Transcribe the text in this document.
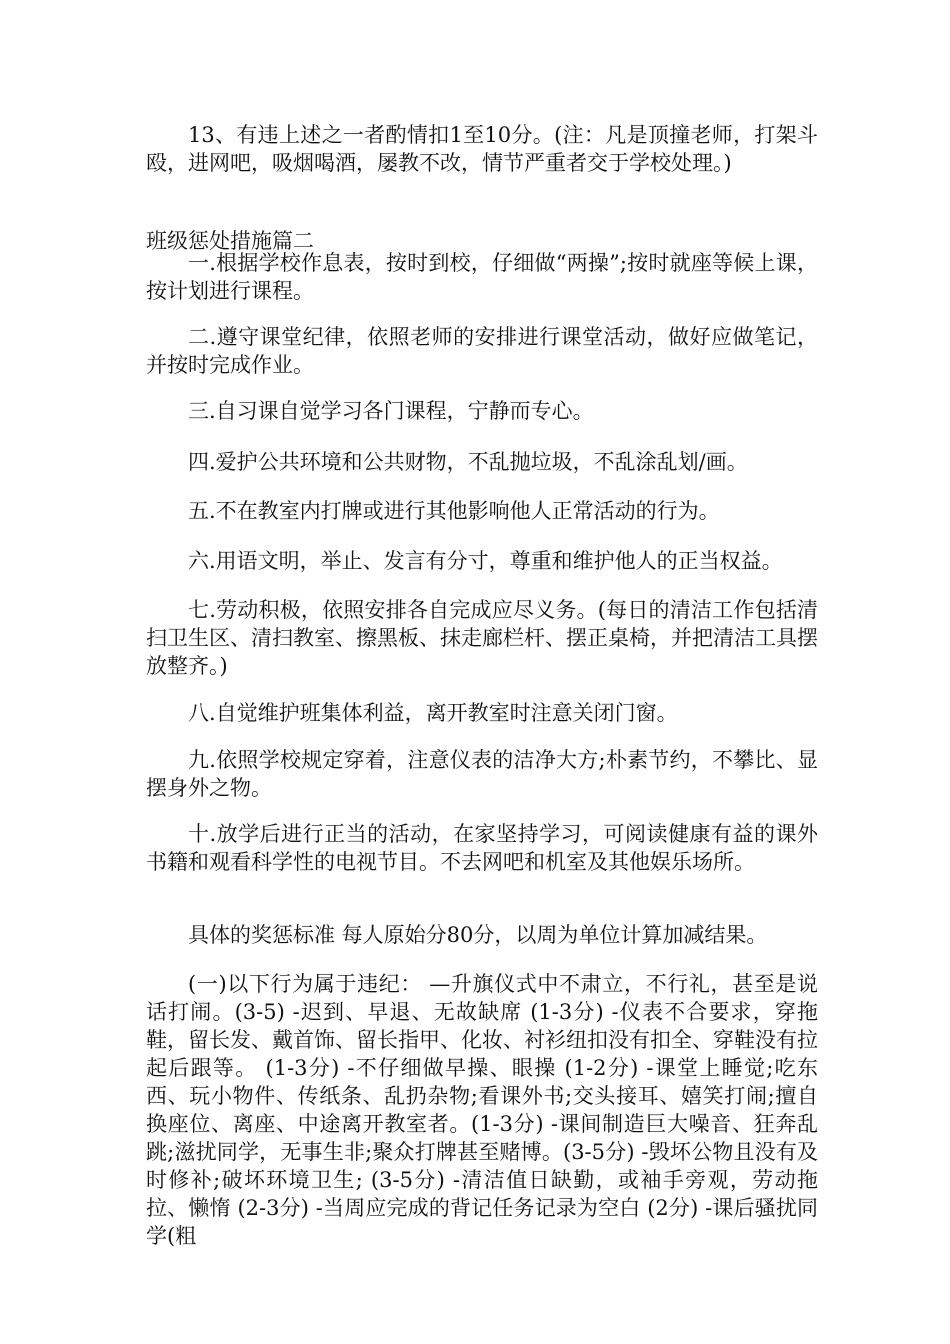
13、有违上述之一者酌情扣1至10分。(注：凡是顶撞老师，打架斗殴，进网吧，吸烟喝酒，屡教不改，情节严重者交于学校处理。)

班级惩处措施篇二

一.根据学校作息表，按时到校，仔细做“两操”;按时就座等候上课，按计划进行课程。

二.遵守课堂纪律，依照老师的安排进行课堂活动，做好应做笔记，并按时完成作业。

三.自习课自觉学习各门课程，宁静而专心。

四.爱护公共环境和公共财物，不乱抛垃圾，不乱涂乱划/画。

五.不在教室内打牌或进行其他影响他人正常活动的行为。

六.用语文明，举止、发言有分寸，尊重和维护他人的正当权益。

七.劳动积极，依照安排各自完成应尽义务。(每日的清洁工作包括清扫卫生区、清扫教室、擦黑板、抹走廊栏杆、摆正桌椅，并把清洁工具摆放整齐。)

八.自觉维护班集体利益，离开教室时注意关闭门窗。

九.依照学校规定穿着，注意仪表的洁净大方;朴素节约，不攀比、显摆身外之物。

十.放学后进行正当的活动，在家坚持学习，可阅读健康有益的课外书籍和观看科学性的电视节目。不去网吧和机室及其他娱乐场所。

具体的奖惩标准 每人原始分80分，以周为单位计算加减结果。

(一)以下行为属于违纪： —升旗仪式中不肃立，不行礼，甚至是说话打闹。(3-5) -迟到、早退、无故缺席 (1-3分) -仪表不合要求，穿拖鞋，留长发、戴首饰、留长指甲、化妆、衬衫纽扣没有扣全、穿鞋没有拉起后跟等。 (1-3分) -不仔细做早操、眼操 (1-2分) -课堂上睡觉;吃东西、玩小物件、传纸条、乱扔杂物;看课外书;交头接耳、嬉笑打闹;擅自换座位、离座、中途离开教室者。(1-3分) -课间制造巨大噪音、狂奔乱跳;滋扰同学，无事生非;聚众打牌甚至赌博。(3-5分) -毁坏公物且没有及时修补;破坏环境卫生; (3-5分) -清洁值日缺勤，或袖手旁观，劳动拖拉、懒惰 (2-3分) -当周应完成的背记任务记录为空白 (2分) -课后骚扰同学(粗
